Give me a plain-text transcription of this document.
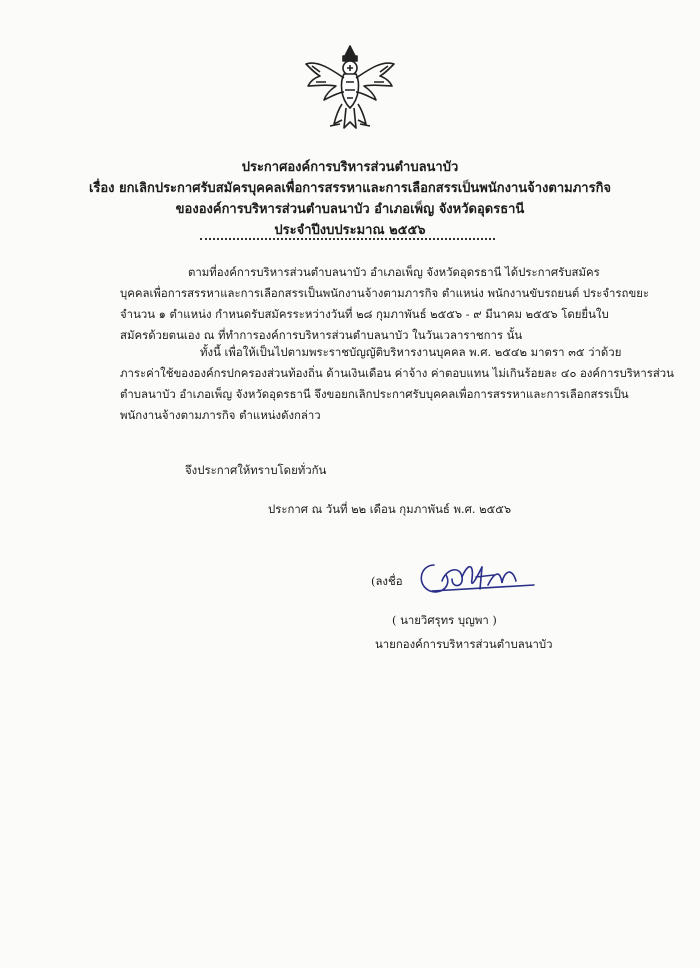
ประกาศองค์การบริหารส่วนตำบลนาบัว
เรื่อง ยกเลิกประกาศรับสมัครบุคคลเพื่อการสรรหาและการเลือกสรรเป็นพนักงานจ้างตามภารกิจ
ขององค์การบริหารส่วนตำบลนาบัว อำเภอเพ็ญ จังหวัดอุดรธานี
ประจำปีงบประมาณ ๒๕๕๖
ตามที่องค์การบริหารส่วนตำบลนาบัว อำเภอเพ็ญ จังหวัดอุดรธานี ได้ประกาศรับสมัคร
บุคคลเพื่อการสรรหาและการเลือกสรรเป็นพนักงานจ้างตามภารกิจ ตำแหน่ง พนักงานขับรถยนต์ ประจำรถขยะ
จำนวน ๑ ตำแหน่ง กำหนดรับสมัครระหว่างวันที่ ๒๘ กุมภาพันธ์ ๒๕๕๖ - ๙ มีนาคม ๒๕๕๖ โดยยื่นใบ
สมัครด้วยตนเอง ณ ที่ทำการองค์การบริหารส่วนตำบลนาบัว ในวันเวลาราชการ นั้น
ทั้งนี้ เพื่อให้เป็นไปตามพระราชบัญญัติบริหารงานบุคคล พ.ศ. ๒๕๔๒ มาตรา ๓๕ ว่าด้วย
ภาระค่าใช้ขององค์กรปกครองส่วนท้องถิ่น ด้านเงินเดือน ค่าจ้าง ค่าตอบแทน ไม่เกินร้อยละ ๔๐ องค์การบริหารส่วน
ตำบลนาบัว อำเภอเพ็ญ จังหวัดอุดรธานี จึงขอยกเลิกประกาศรับบุคคลเพื่อการสรรหาและการเลือกสรรเป็น
พนักงานจ้างตามภารกิจ ตำแหน่งดังกล่าว
จึงประกาศให้ทราบโดยทั่วกัน
ประกาศ ณ วันที่ ๒๒ เดือน กุมภาพันธ์ พ.ศ. ๒๕๕๖
(ลงชื่อ
( นายวิศรุทร บุญพา )
นายกองค์การบริหารส่วนตำบลนาบัว
